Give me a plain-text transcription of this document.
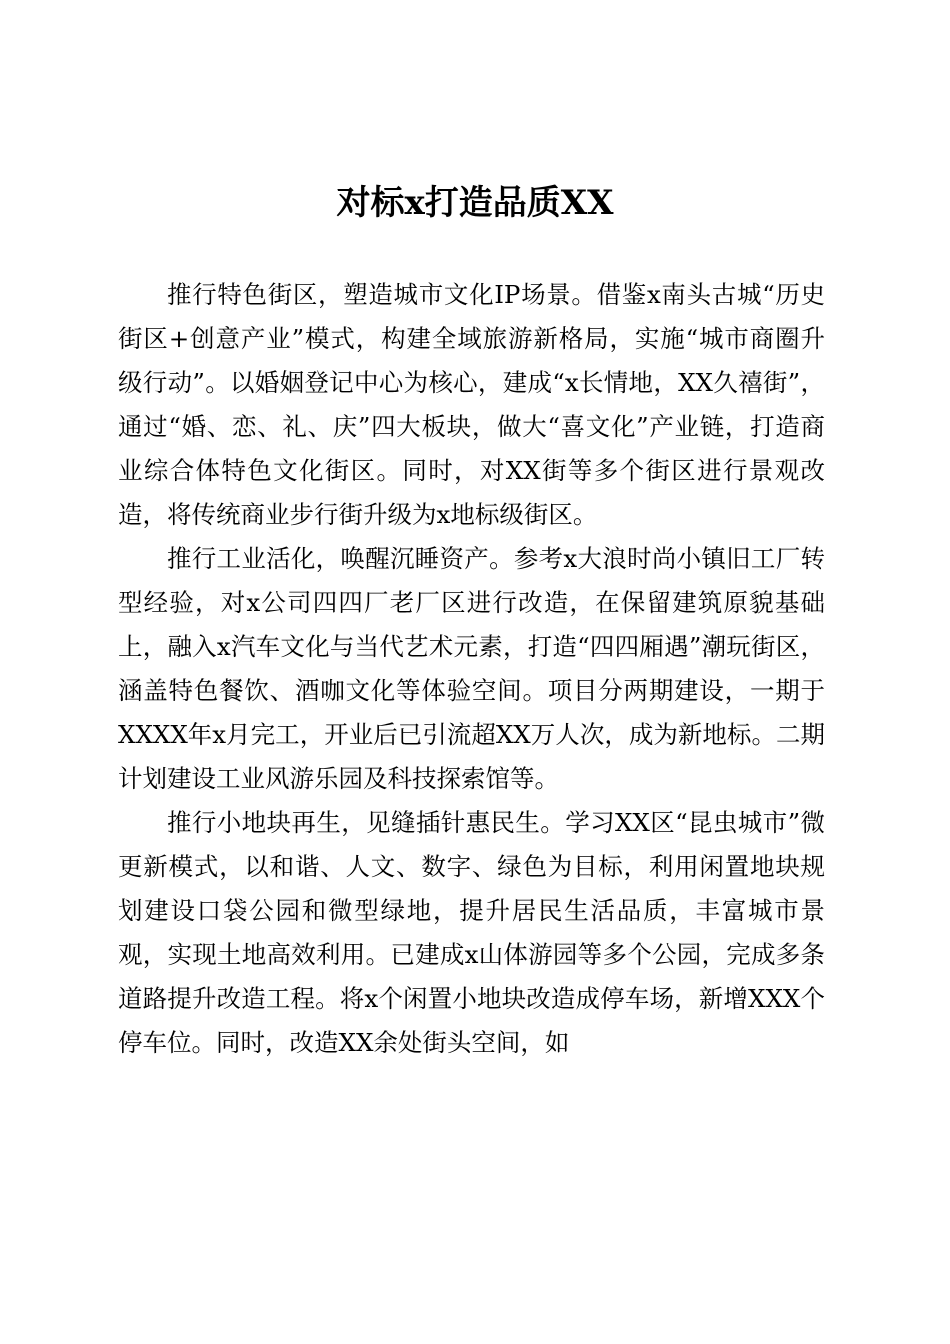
对标x打造品质XX

推行特色街区，塑造城市文化IP场景。借鉴x南头古城“历史街区+创意产业”模式，构建全域旅游新格局，实施“城市商圈升级行动”。以婚姻登记中心为核心，建成“x长情地，XX久禧街”，通过“婚、恋、礼、庆”四大板块，做大“喜文化”产业链，打造商业综合体特色文化街区。同时，对XX街等多个街区进行景观改造，将传统商业步行街升级为x地标级街区。

推行工业活化，唤醒沉睡资产。参考x大浪时尚小镇旧工厂转型经验，对x公司四四厂老厂区进行改造，在保留建筑原貌基础上，融入x汽车文化与当代艺术元素，打造“四四厢遇”潮玩街区，涵盖特色餐饮、酒咖文化等体验空间。项目分两期建设，一期于XXXX年x月完工，开业后已引流超XX万人次，成为新地标。二期计划建设工业风游乐园及科技探索馆等。

推行小地块再生，见缝插针惠民生。学习XX区“昆虫城市”微更新模式，以和谐、人文、数字、绿色为目标，利用闲置地块规划建设口袋公园和微型绿地，提升居民生活品质，丰富城市景观，实现土地高效利用。已建成x山体游园等多个公园，完成多条道路提升改造工程。将x个闲置小地块改造成停车场，新增XXX个停车位。同时，改造XX余处街头空间，如
